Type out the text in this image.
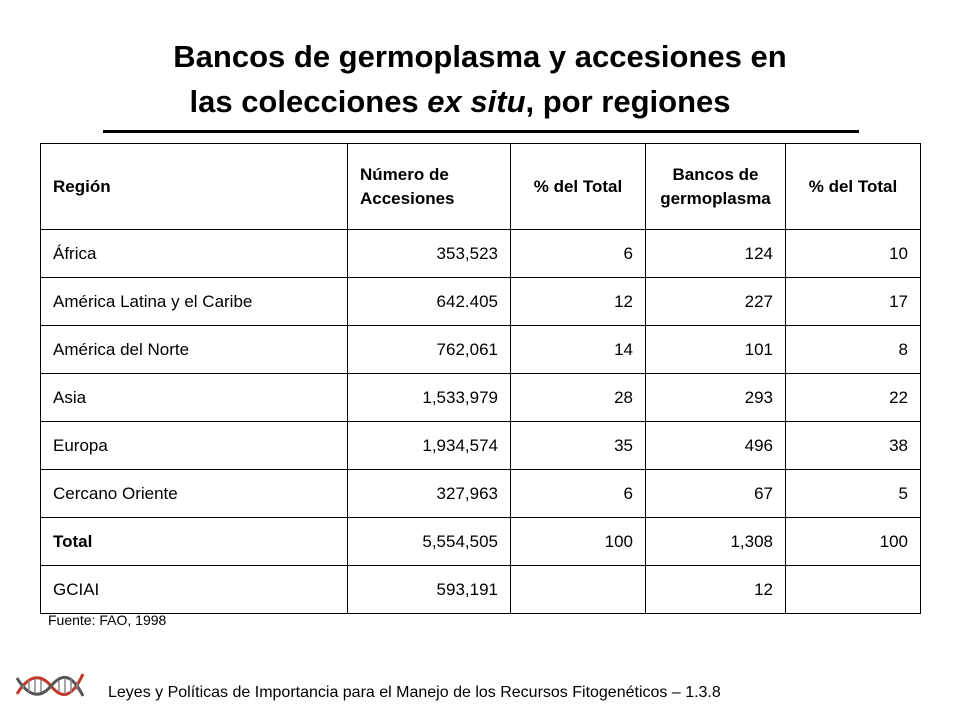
Bancos de germoplasma y accesiones en
las colecciones ex situ, por regiones
Región	Número de Accesiones	% del Total	Bancos de germoplasma	% del Total
África	353,523	6	124	10
América Latina y el Caribe	642.405	12	227	17
América del Norte	762,061	14	101	8
Asia	1,533,979	28	293	22
Europa	1,934,574	35	496	38
Cercano Oriente	327,963	6	67	5
Total	5,554,505	100	1,308	100
GCIAI	593,191		12	
Fuente: FAO, 1998
Leyes y Políticas de Importancia para el Manejo de los Recursos Fitogenéticos – 1.3.8
